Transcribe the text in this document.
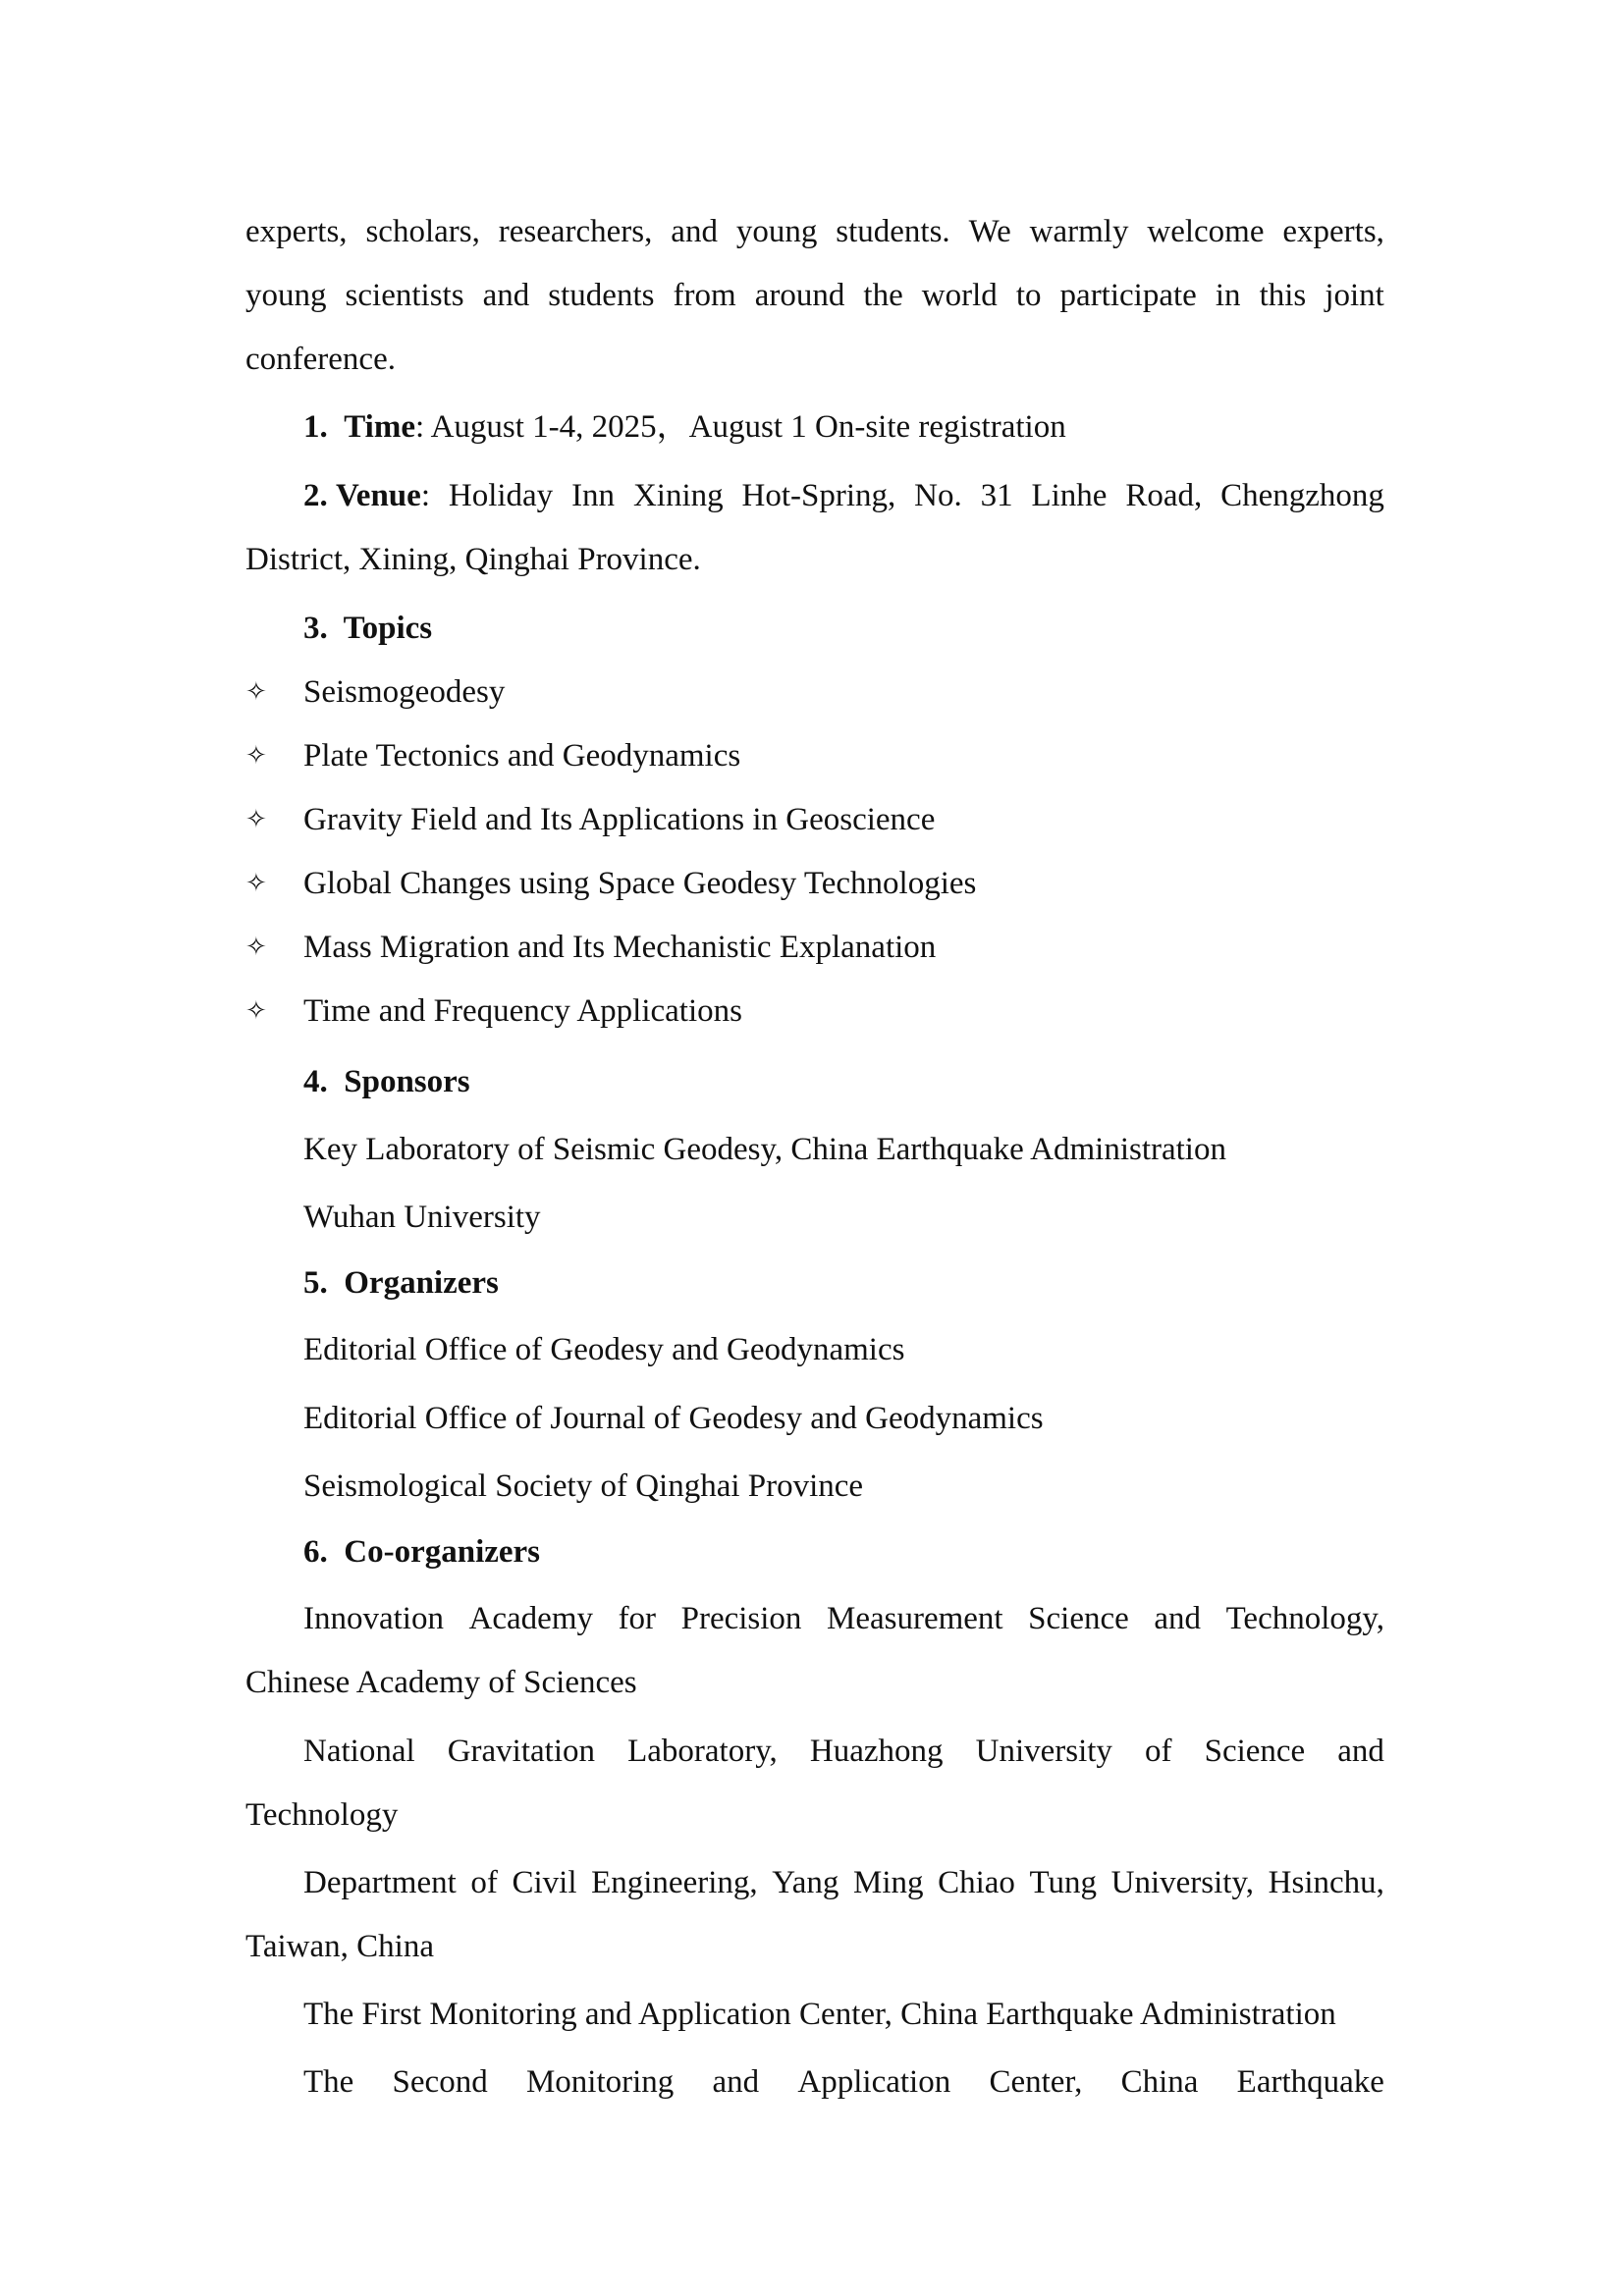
experts, scholars, researchers, and young students. We warmly welcome experts,
young scientists and students from around the world to participate in this joint
conference.
1. Time: August 1-4, 2025，August 1 On-site registration
2. Venue: Holiday Inn Xining Hot-Spring, No. 31 Linhe Road, Chengzhong
District, Xining, Qinghai Province.
3. Topics
✧ Seismogeodesy
✧ Plate Tectonics and Geodynamics
✧ Gravity Field and Its Applications in Geoscience
✧ Global Changes using Space Geodesy Technologies
✧ Mass Migration and Its Mechanistic Explanation
✧ Time and Frequency Applications
4. Sponsors
Key Laboratory of Seismic Geodesy, China Earthquake Administration
Wuhan University
5. Organizers
Editorial Office of Geodesy and Geodynamics
Editorial Office of Journal of Geodesy and Geodynamics
Seismological Society of Qinghai Province
6. Co-organizers
Innovation Academy for Precision Measurement Science and Technology,
Chinese Academy of Sciences
National Gravitation Laboratory, Huazhong University of Science and
Technology
Department of Civil Engineering, Yang Ming Chiao Tung University, Hsinchu,
Taiwan, China
The First Monitoring and Application Center, China Earthquake Administration
The Second Monitoring and Application Center, China Earthquake
